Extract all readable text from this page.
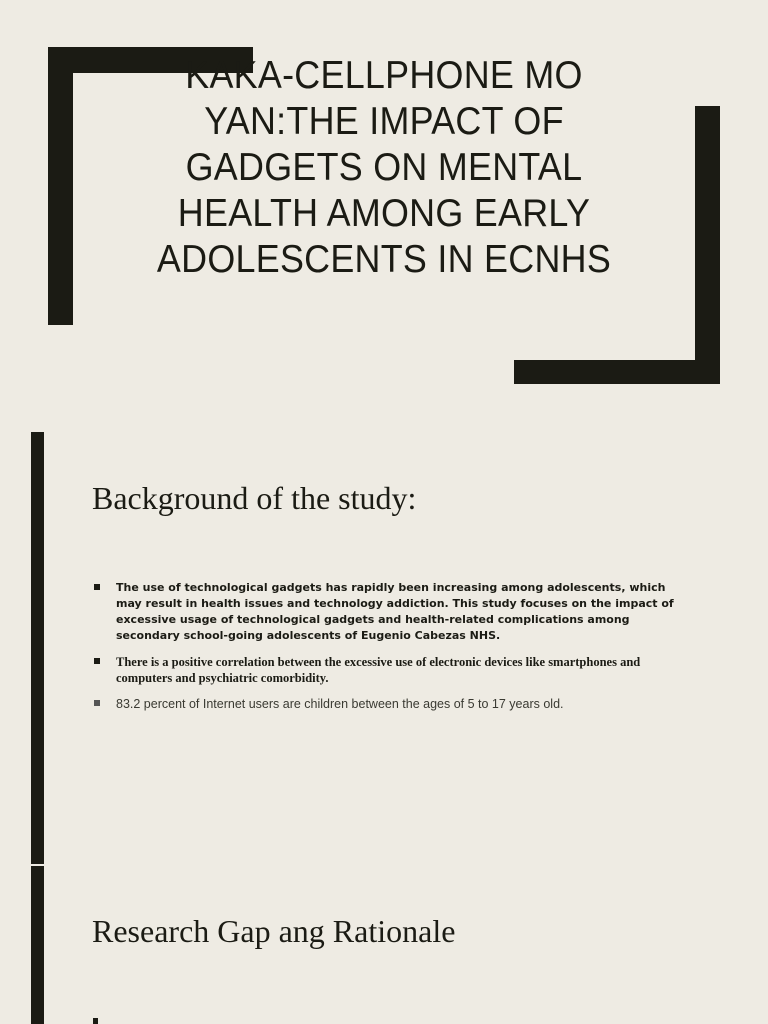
KAKA-CELLPHONE MO YAN:THE IMPACT OF GADGETS ON MENTAL HEALTH AMONG EARLY ADOLESCENTS IN ECNHS
Background of the study:
The use of technological gadgets has rapidly been increasing among adolescents, which may result in health issues and technology addiction. This study focuses on the impact of excessive usage of technological gadgets and health-related complications among secondary school-going adolescents of Eugenio Cabezas NHS.
There is a positive correlation between the excessive use of electronic devices like smartphones and computers and psychiatric comorbidity.
83.2 percent of Internet users are children between the ages of 5 to 17 years old.
Research Gap ang Rationale
